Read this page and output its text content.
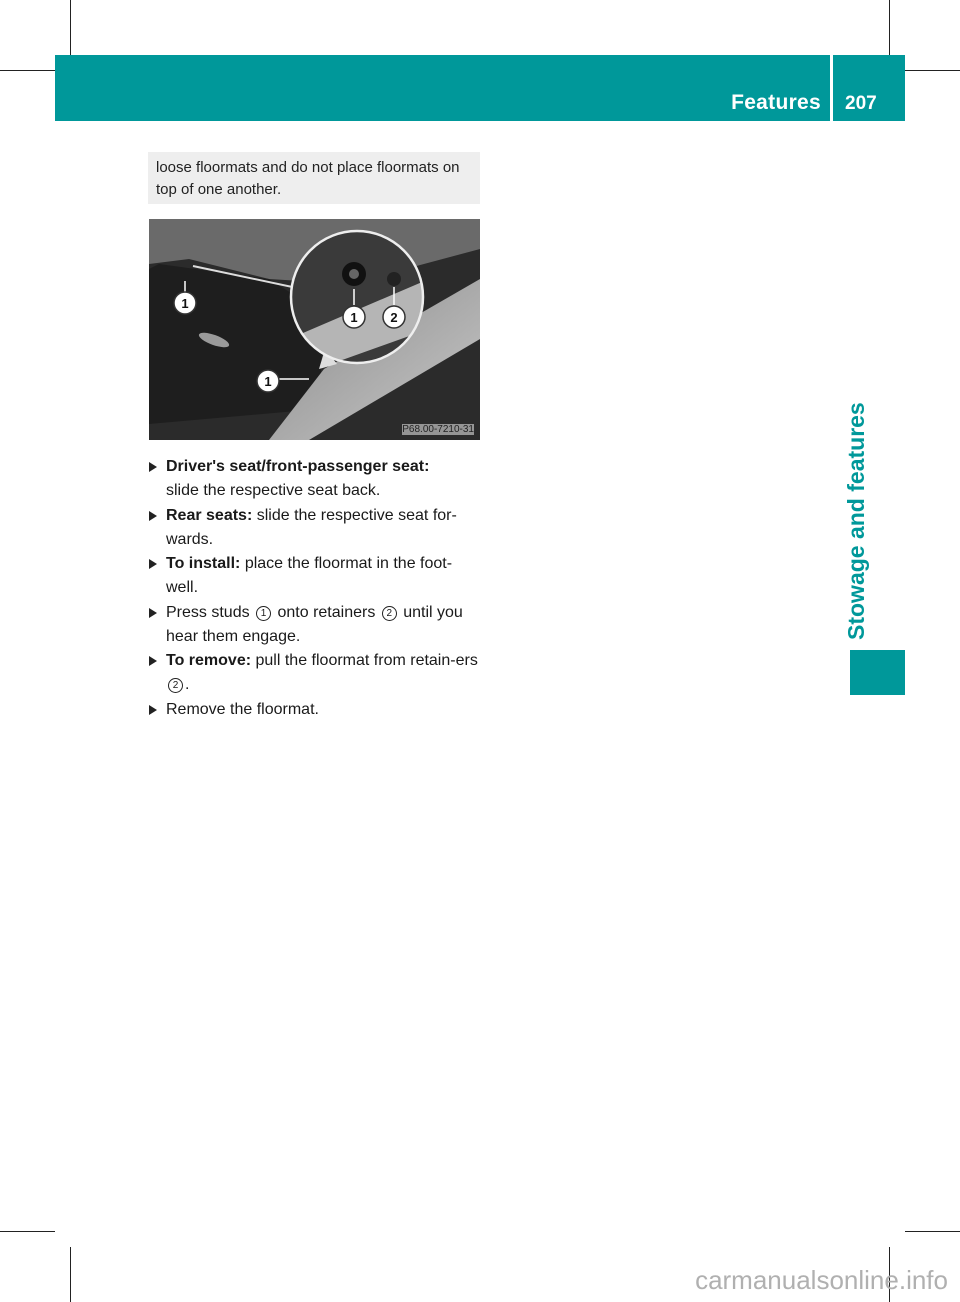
Features 207
Stowage and features
loose floormats and do not place floormats on top of one another.
1
1	2
1
P68.00-7210-31
Driver's seat/front-passenger seat:
slide the respective seat back.
Rear seats: slide the respective seat for-wards.
To install: place the floormat in the foot-well.
Press studs 1 onto retainers 2 until you hear them engage.
To remove: pull the floormat from retain-ers 2 .
Remove the floormat.
carmanualsonline.info
